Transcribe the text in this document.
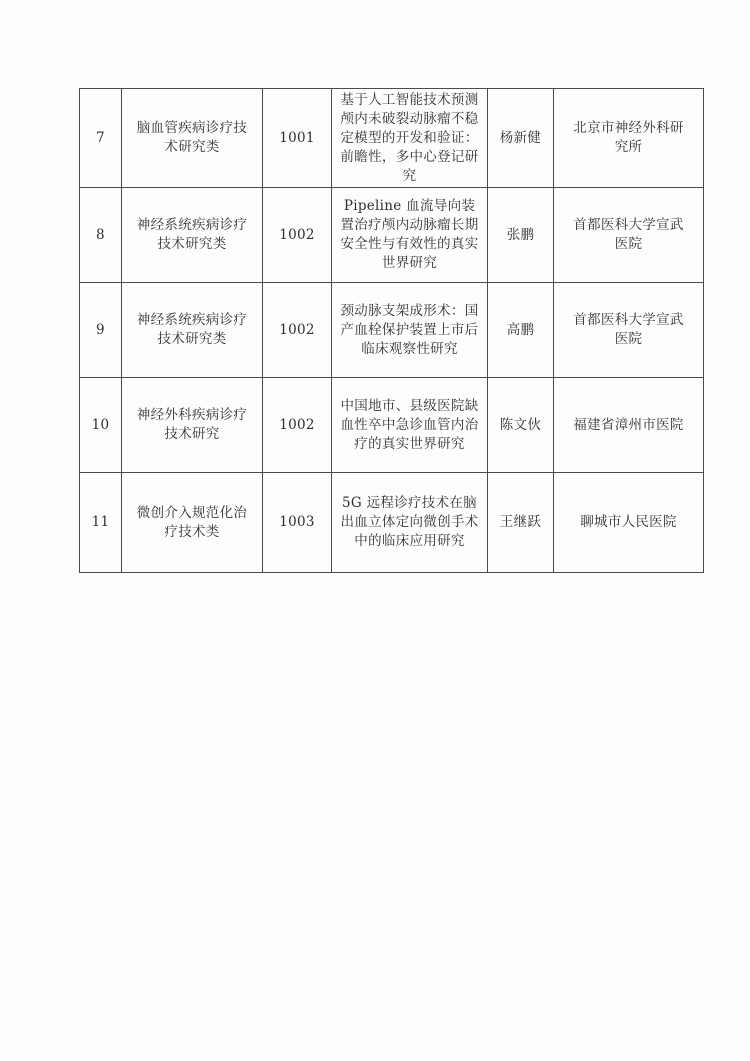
7	脑血管疾病诊疗技术研究类	1001	基于人工智能技术预测颅内未破裂动脉瘤不稳定模型的开发和验证：前瞻性，多中心登记研究	杨新健	北京市神经外科研究所
8	神经系统疾病诊疗技术研究类	1002	Pipeline 血流导向装置治疗颅内动脉瘤长期安全性与有效性的真实世界研究	张鹏	首都医科大学宣武医院
9	神经系统疾病诊疗技术研究类	1002	颈动脉支架成形术：国产血栓保护装置上市后临床观察性研究	高鹏	首都医科大学宣武医院
10	神经外科疾病诊疗技术研究	1002	中国地市、县级医院缺血性卒中急诊血管内治疗的真实世界研究	陈文伙	福建省漳州市医院
11	微创介入规范化治疗技术类	1003	5G 远程诊疗技术在脑出血立体定向微创手术中的临床应用研究	王继跃	聊城市人民医院
